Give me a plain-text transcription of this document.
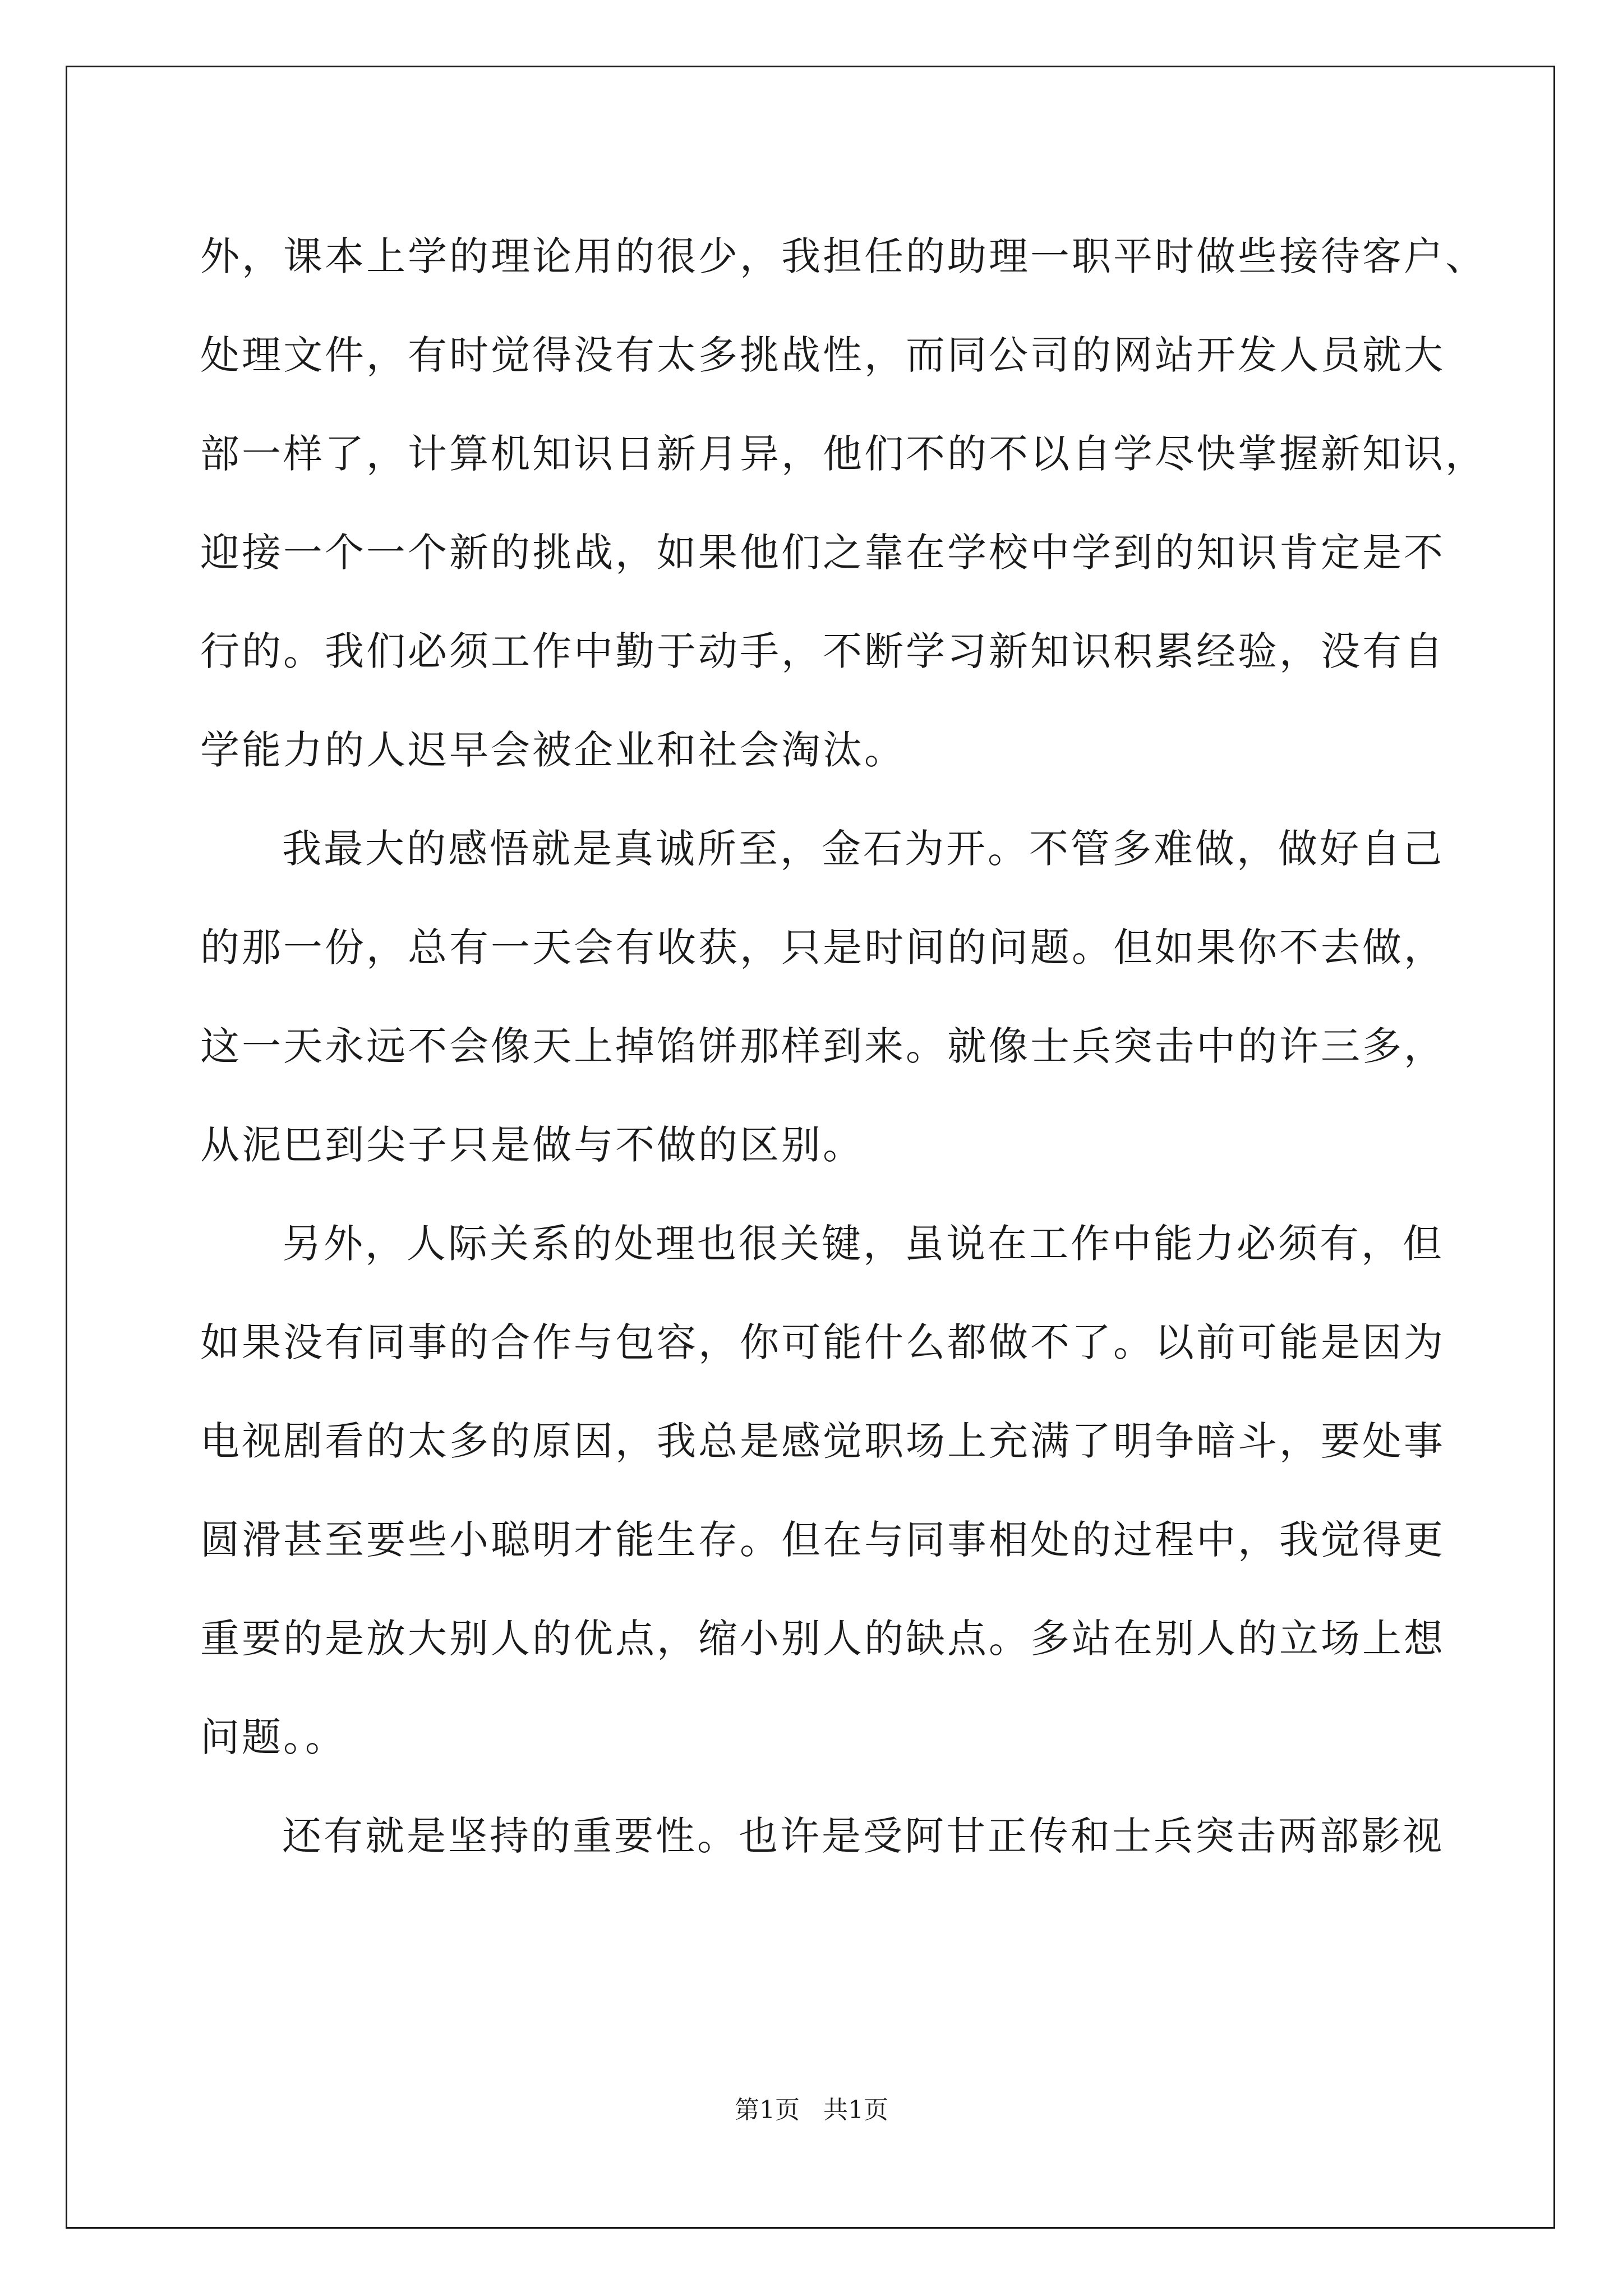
外，课本上学的理论用的很少，我担任的助理一职平时做些接待客户、
处理文件，有时觉得没有太多挑战性，而同公司的网站开发人员就大
部一样了，计算机知识日新月异，他们不的不以自学尽快掌握新知识，
迎接一个一个新的挑战，如果他们之靠在学校中学到的知识肯定是不
行的。我们必须工作中勤于动手，不断学习新知识积累经验，没有自
学能力的人迟早会被企业和社会淘汰。
我最大的感悟就是真诚所至，金石为开。不管多难做，做好自己
的那一份，总有一天会有收获，只是时间的问题。但如果你不去做，
这一天永远不会像天上掉馅饼那样到来。就像士兵突击中的许三多，
从泥巴到尖子只是做与不做的区别。
另外，人际关系的处理也很关键，虽说在工作中能力必须有，但
如果没有同事的合作与包容，你可能什么都做不了。以前可能是因为
电视剧看的太多的原因，我总是感觉职场上充满了明争暗斗，要处事
圆滑甚至要些小聪明才能生存。但在与同事相处的过程中，我觉得更
重要的是放大别人的优点，缩小别人的缺点。多站在别人的立场上想
问题。。
还有就是坚持的重要性。也许是受阿甘正传和士兵突击两部影视
第1页   共1页
